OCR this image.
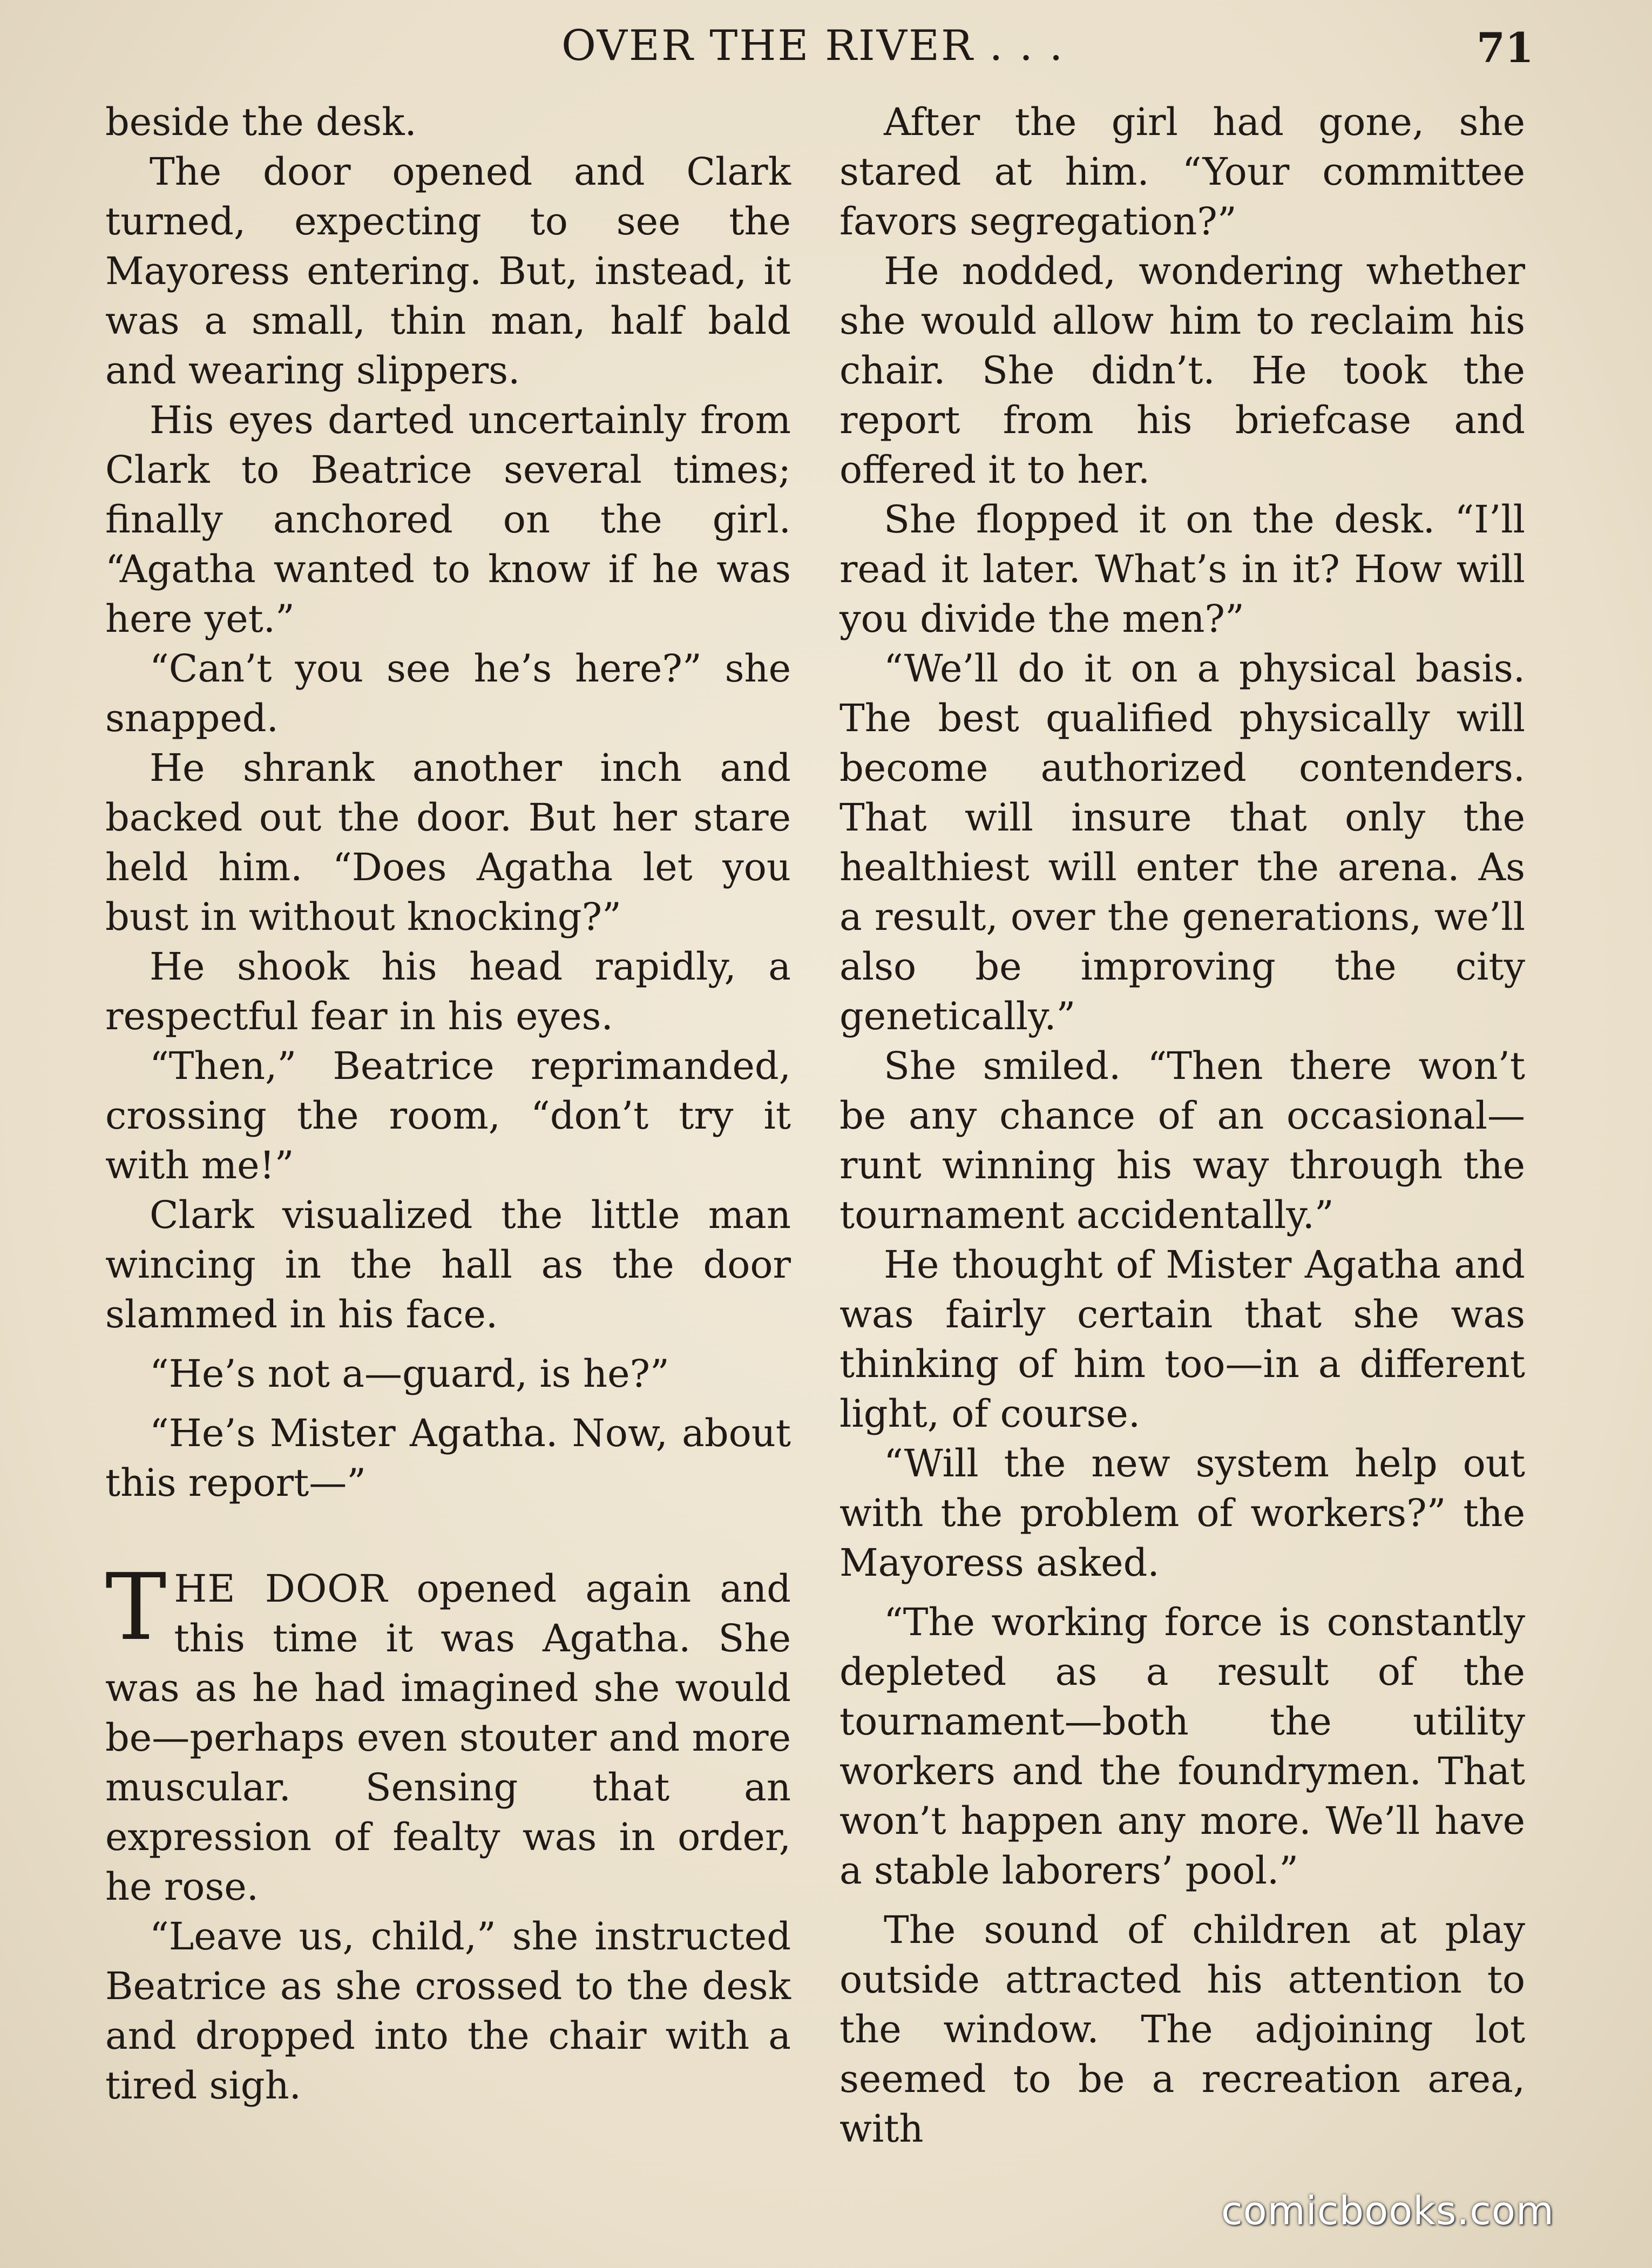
OVER THE RIVER . . .	71

beside the desk.

The door opened and Clark turned, expecting to see the Mayoress entering. But, instead, it was a small, thin man, half bald and wearing slippers.

His eyes darted uncertainly from Clark to Beatrice several times; finally anchored on the girl. “Agatha wanted to know if he was here yet.”

“Can’t you see he’s here?” she snapped.

He shrank another inch and backed out the door. But her stare held him. “Does Agatha let you bust in without knocking?”

He shook his head rapidly, a respectful fear in his eyes.

“Then,” Beatrice reprimanded, crossing the room, “don’t try it with me!”

Clark visualized the little man wincing in the hall as the door slammed in his face.

“He’s not a—guard, is he?”

“He’s Mister Agatha. Now, about this report—”

THE DOOR opened again and this time it was Agatha. She was as he had imagined she would be—perhaps even stouter and more muscular. Sensing that an expression of fealty was in order, he rose.

“Leave us, child,” she instructed Beatrice as she crossed to the desk and dropped into the chair with a tired sigh.

After the girl had gone, she stared at him. “Your committee favors segregation?”

He nodded, wondering whether she would allow him to reclaim his chair. She didn’t. He took the report from his briefcase and offered it to her.

She flopped it on the desk. “I’ll read it later. What’s in it? How will you divide the men?”

“We’ll do it on a physical basis. The best qualified physically will become authorized contenders. That will insure that only the healthiest will enter the arena. As a result, over the generations, we’ll also be improving the city genetically.”

She smiled. “Then there won’t be any chance of an occasional— runt winning his way through the tournament accidentally.”

He thought of Mister Agatha and was fairly certain that she was thinking of him too—in a different light, of course.

“Will the new system help out with the problem of workers?” the Mayoress asked.

“The working force is constantly depleted as a result of the tournament—both the utility workers and the foundrymen. That won’t happen any more. We’ll have a stable laborers’ pool.”

The sound of children at play outside attracted his attention to the window. The adjoining lot seemed to be a recreation area, with

comicbooks.com
